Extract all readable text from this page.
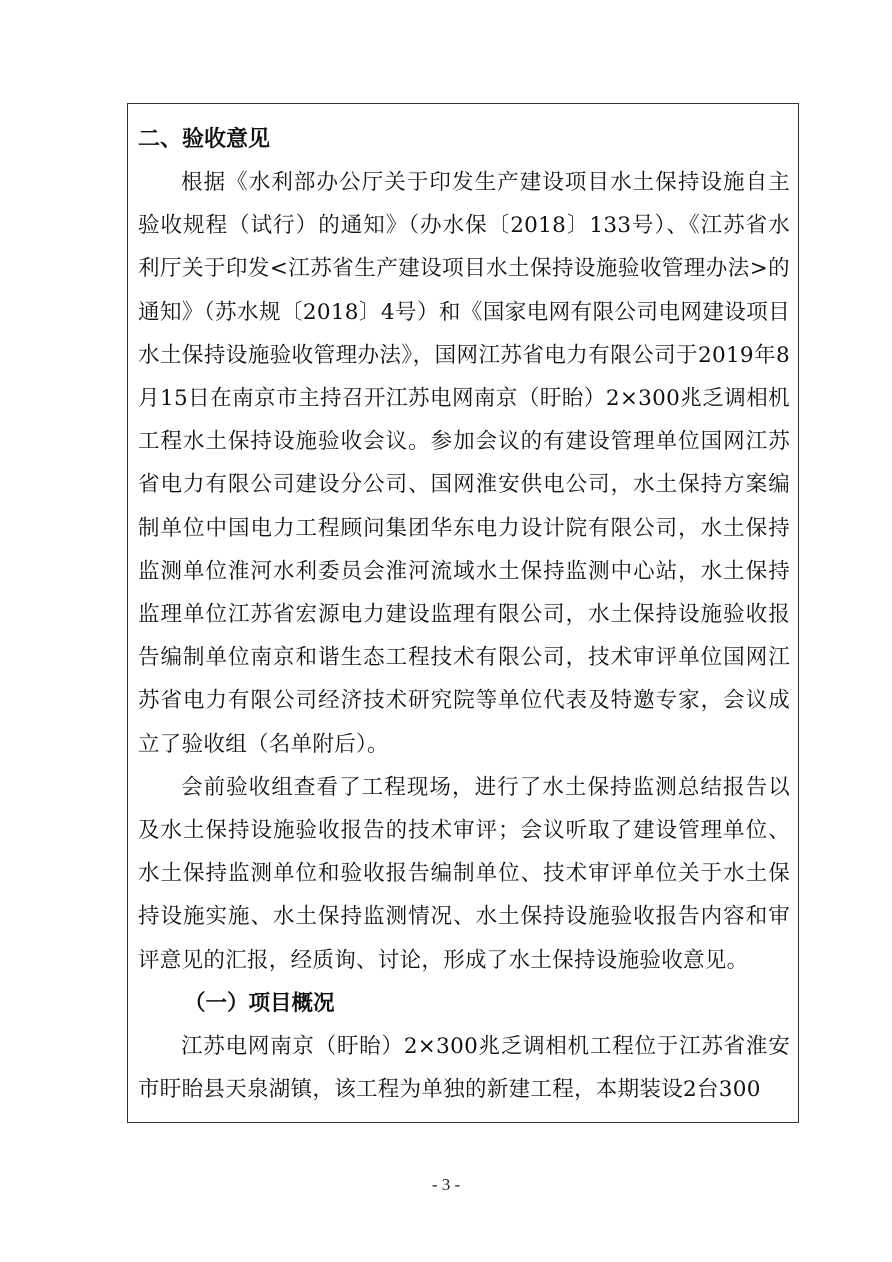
二、验收意见

根据《水利部办公厅关于印发生产建设项目水土保持设施自主验收规程（试行）的通知》（办水保〔2018〕133号）、《江苏省水利厅关于印发<江苏省生产建设项目水土保持设施验收管理办法>的通知》（苏水规〔2018〕4号）和《国家电网有限公司电网建设项目水土保持设施验收管理办法》，国网江苏省电力有限公司于2019年8月15日在南京市主持召开江苏电网南京（盱眙）2×300兆乏调相机工程水土保持设施验收会议。参加会议的有建设管理单位国网江苏省电力有限公司建设分公司、国网淮安供电公司，水土保持方案编制单位中国电力工程顾问集团华东电力设计院有限公司，水土保持监测单位淮河水利委员会淮河流域水土保持监测中心站，水土保持监理单位江苏省宏源电力建设监理有限公司，水土保持设施验收报告编制单位南京和谐生态工程技术有限公司，技术审评单位国网江苏省电力有限公司经济技术研究院等单位代表及特邀专家，会议成立了验收组（名单附后）。

会前验收组查看了工程现场，进行了水土保持监测总结报告以及水土保持设施验收报告的技术审评；会议听取了建设管理单位、水土保持监测单位和验收报告编制单位、技术审评单位关于水土保持设施实施、水土保持监测情况、水土保持设施验收报告内容和审评意见的汇报，经质询、讨论，形成了水土保持设施验收意见。

（一）项目概况

江苏电网南京（盱眙）2×300兆乏调相机工程位于江苏省淮安市盱眙县天泉湖镇，该工程为单独的新建工程，本期装设2台300

- 3 -
